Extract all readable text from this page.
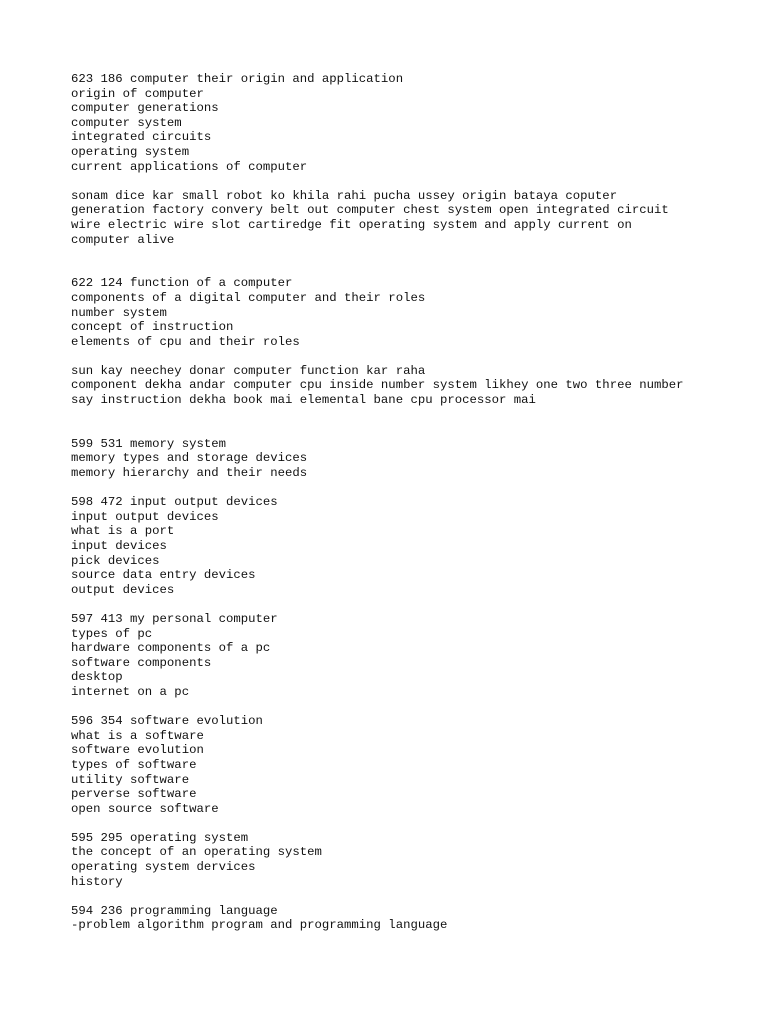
623 186 computer their origin and application
origin of computer
computer generations
computer system
integrated circuits
operating system
current applications of computer
sonam dice kar small robot ko khila rahi pucha ussey origin bataya coputer
generation factory convery belt out computer chest system open integrated circuit
wire electric wire slot cartiredge fit operating system and apply current on
computer alive
622 124 function of a computer
components of a digital computer and their roles
number system
concept of instruction
elements of cpu and their roles
sun kay neechey donar computer function kar raha
component dekha andar computer cpu inside number system likhey one two three number
say instruction dekha book mai elemental bane cpu processor mai
599 531 memory system
memory types and storage devices
memory hierarchy and their needs
598 472 input output devices
input output devices
what is a port
input devices
pick devices
source data entry devices
output devices
597 413 my personal computer
types of pc
hardware components of a pc
software components
desktop
internet on a pc
596 354 software evolution
what is a software
software evolution
types of software
utility software
perverse software
open source software
595 295 operating system
the concept of an operating system
operating system dervices
history
594 236 programming language
-problem algorithm program and programming language
